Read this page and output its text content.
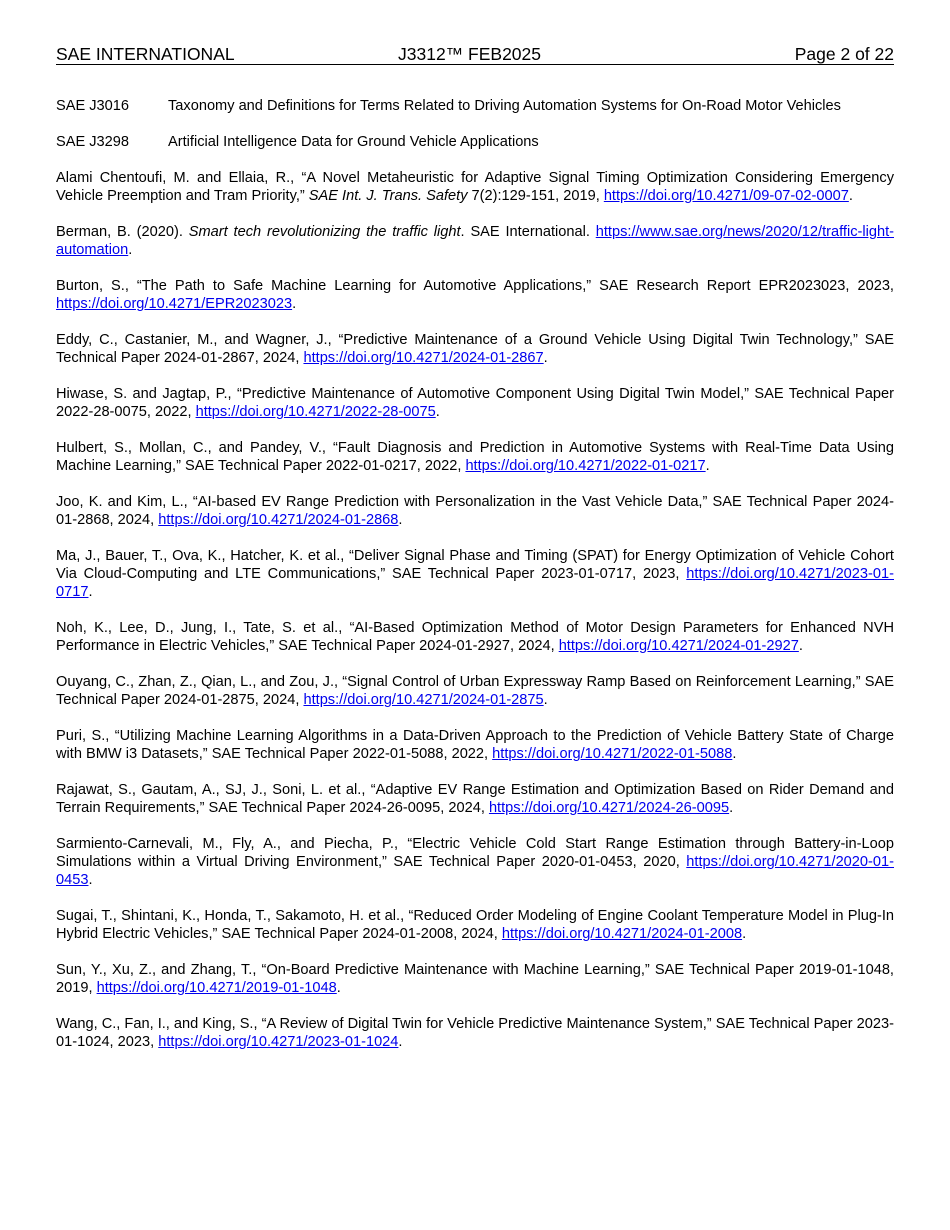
SAE INTERNATIONAL	J3312™ FEB2025	Page 2 of 22
SAE J3016	Taxonomy and Definitions for Terms Related to Driving Automation Systems for On-Road Motor Vehicles
SAE J3298	Artificial Intelligence Data for Ground Vehicle Applications

Alami Chentoufi, M. and Ellaia, R., “A Novel Metaheuristic for Adaptive Signal Timing Optimization Considering Emergency Vehicle Preemption and Tram Priority,” SAE Int. J. Trans. Safety 7(2):129-151, 2019, https://doi.org/10.4271/09-07-02-0007.

Berman, B. (2020). Smart tech revolutionizing the traffic light. SAE International. https://www.sae.org/news/2020/12/traffic-light-automation.

Burton, S., “The Path to Safe Machine Learning for Automotive Applications,” SAE Research Report EPR2023023, 2023, https://doi.org/10.4271/EPR2023023.

Eddy, C., Castanier, M., and Wagner, J., “Predictive Maintenance of a Ground Vehicle Using Digital Twin Technology,” SAE Technical Paper 2024-01-2867, 2024, https://doi.org/10.4271/2024-01-2867.

Hiwase, S. and Jagtap, P., “Predictive Maintenance of Automotive Component Using Digital Twin Model,” SAE Technical Paper 2022-28-0075, 2022, https://doi.org/10.4271/2022-28-0075.

Hulbert, S., Mollan, C., and Pandey, V., “Fault Diagnosis and Prediction in Automotive Systems with Real-Time Data Using Machine Learning,” SAE Technical Paper 2022-01-0217, 2022, https://doi.org/10.4271/2022-01-0217.

Joo, K. and Kim, L., “AI-based EV Range Prediction with Personalization in the Vast Vehicle Data,” SAE Technical Paper 2024-01-2868, 2024, https://doi.org/10.4271/2024-01-2868.

Ma, J., Bauer, T., Ova, K., Hatcher, K. et al., “Deliver Signal Phase and Timing (SPAT) for Energy Optimization of Vehicle Cohort Via Cloud-Computing and LTE Communications,” SAE Technical Paper 2023-01-0717, 2023, https://doi.org/10.4271/2023-01-0717.

Noh, K., Lee, D., Jung, I., Tate, S. et al., “AI-Based Optimization Method of Motor Design Parameters for Enhanced NVH Performance in Electric Vehicles,” SAE Technical Paper 2024-01-2927, 2024, https://doi.org/10.4271/2024-01-2927.

Ouyang, C., Zhan, Z., Qian, L., and Zou, J., “Signal Control of Urban Expressway Ramp Based on Reinforcement Learning,” SAE Technical Paper 2024-01-2875, 2024, https://doi.org/10.4271/2024-01-2875.

Puri, S., “Utilizing Machine Learning Algorithms in a Data-Driven Approach to the Prediction of Vehicle Battery State of Charge with BMW i3 Datasets,” SAE Technical Paper 2022-01-5088, 2022, https://doi.org/10.4271/2022-01-5088.

Rajawat, S., Gautam, A., SJ, J., Soni, L. et al., “Adaptive EV Range Estimation and Optimization Based on Rider Demand and Terrain Requirements,” SAE Technical Paper 2024-26-0095, 2024, https://doi.org/10.4271/2024-26-0095.

Sarmiento-Carnevali, M., Fly, A., and Piecha, P., “Electric Vehicle Cold Start Range Estimation through Battery-in-Loop Simulations within a Virtual Driving Environment,” SAE Technical Paper 2020-01-0453, 2020, https://doi.org/10.4271/2020-01-0453.

Sugai, T., Shintani, K., Honda, T., Sakamoto, H. et al., “Reduced Order Modeling of Engine Coolant Temperature Model in Plug-In Hybrid Electric Vehicles,” SAE Technical Paper 2024-01-2008, 2024, https://doi.org/10.4271/2024-01-2008.

Sun, Y., Xu, Z., and Zhang, T., “On-Board Predictive Maintenance with Machine Learning,” SAE Technical Paper 2019-01-1048, 2019, https://doi.org/10.4271/2019-01-1048.

Wang, C., Fan, I., and King, S., “A Review of Digital Twin for Vehicle Predictive Maintenance System,” SAE Technical Paper 2023-01-1024, 2023, https://doi.org/10.4271/2023-01-1024.
